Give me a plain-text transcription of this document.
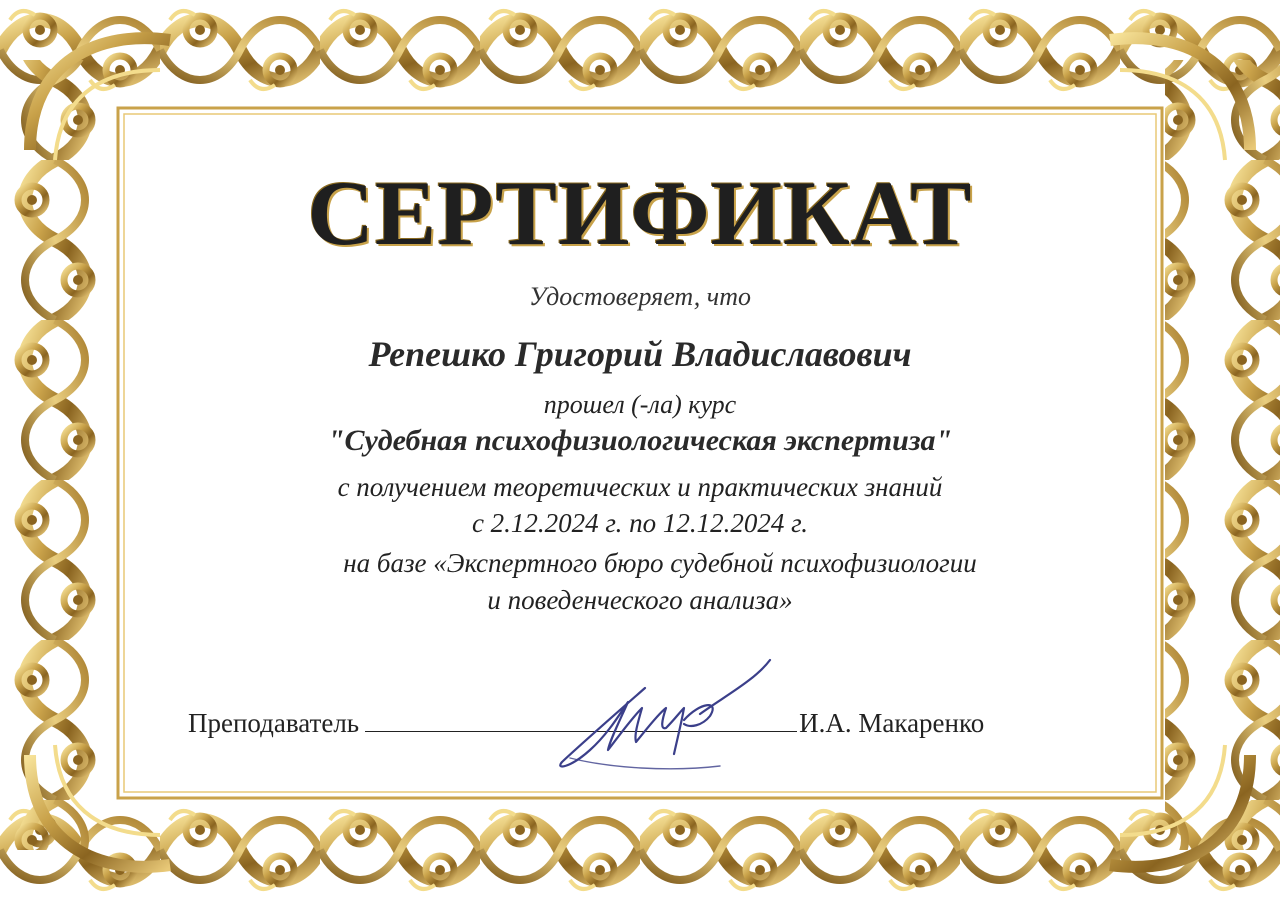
СЕРТИФИКАТ
Удостоверяет, что
Репешко Григорий Владиславович
прошел (-ла) курс
"Судебная психофизиологическая экспертиза"
с получением теоретических и практических знаний
с 2.12.2024 г. по 12.12.2024 г.
на базе «Экспертного бюро судебной психофизиологии
и поведенческого анализа»
Преподаватель	И.А. Макаренко
